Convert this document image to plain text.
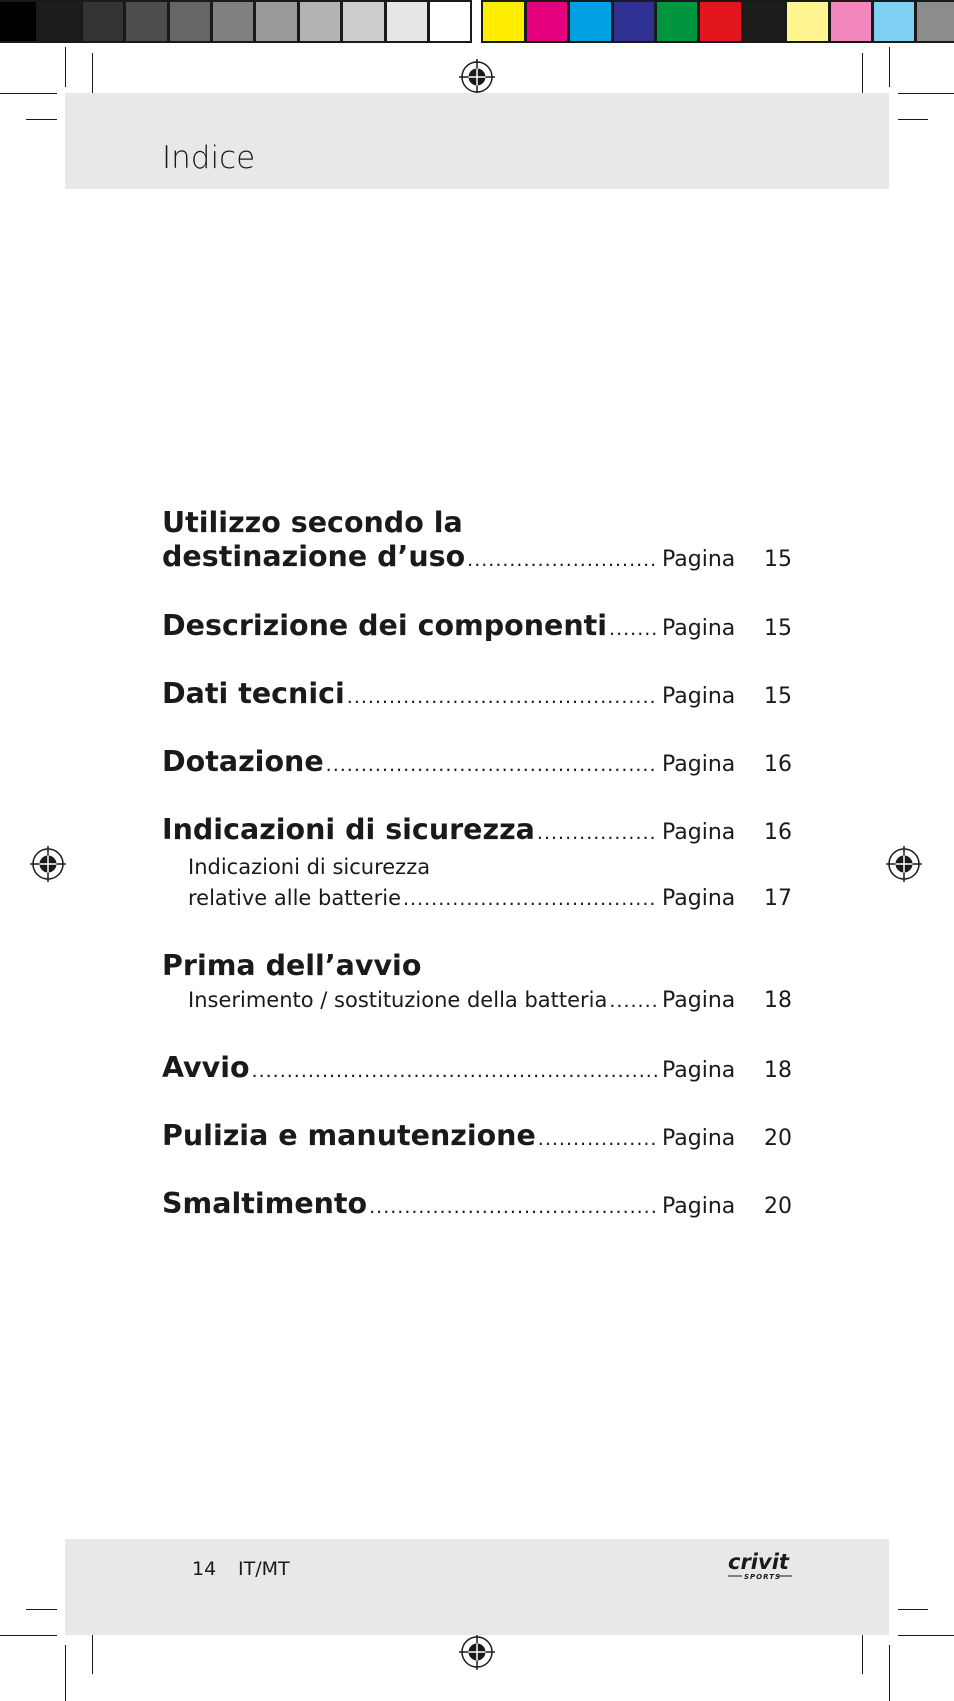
Indice
Utilizzo secondo la
destinazione d’uso .....	Pagina	15
Descrizione dei componenti ..... Pagina	15
Dati tecnici .....	Pagina	15
Dotazione .....	Pagina	16
Indicazioni di sicurezza .....	Pagina	16
Indicazioni di sicurezza
relative alle batterie .....	Pagina	17
Prima dell’avvio
Inserimento / sostituzione della batteria ..... Pagina	18
Avvio .....	Pagina	18
Pulizia e manutenzione .....	Pagina	20
Smaltimento .....	Pagina	20
14 IT/MT	crivit
SPORTS
